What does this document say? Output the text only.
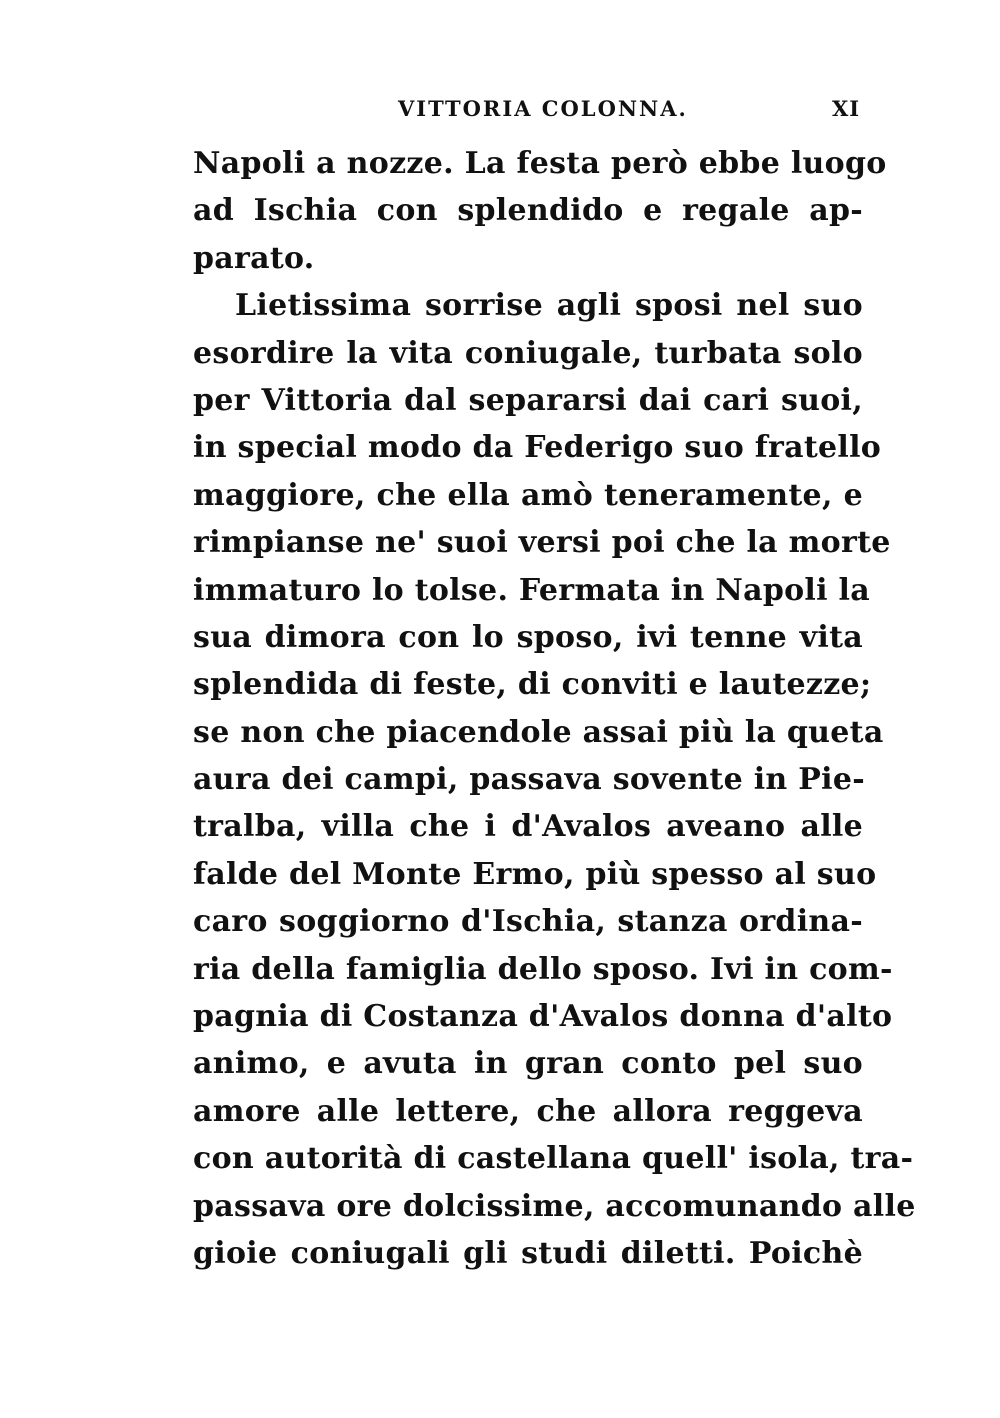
VITTORIA COLONNA.	XI
Napoli a nozze. La festa però ebbe luogo
ad Ischia con splendido e regale ap-
parato.
Lietissima sorrise agli sposi nel suo
esordire la vita coniugale, turbata solo
per Vittoria dal separarsi dai cari suoi,
in special modo da Federigo suo fratello
maggiore, che ella amò teneramente, e
rimpianse ne' suoi versi poi che la morte
immaturo lo tolse. Fermata in Napoli la
sua dimora con lo sposo, ivi tenne vita
splendida di feste, di conviti e lautezze;
se non che piacendole assai più la queta
aura dei campi, passava sovente in Pie-
tralba, villa che i d'Avalos aveano alle
falde del Monte Ermo, più spesso al suo
caro soggiorno d'Ischia, stanza ordina-
ria della famiglia dello sposo. Ivi in com-
pagnia di Costanza d'Avalos donna d'alto
animo, e avuta in gran conto pel suo
amore alle lettere, che allora reggeva
con autorità di castellana quell' isola, tra-
passava ore dolcissime, accomunando alle
gioie coniugali gli studi diletti. Poichè
